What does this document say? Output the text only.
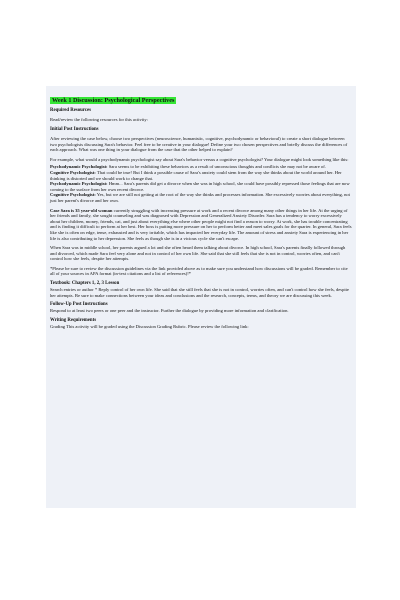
Week 1 Discussion: Psychological Perspectives
Required Resources

Read/review the following resources for this activity:

Initial Post Instructions

After reviewing the case below, choose two perspectives (neuroscience, humanistic, cognitive, psychodynamic or behavioral) to create a short dialogue between two psychologists discussing Sara's behavior. Feel free to be creative in your dialogue! Define your two chosen perspectives and briefly discuss the differences of each approach. What was one thing in your dialogue from the case that the other helped to explain?

For example, what would a psychodynamic psychologist say about Sara's behavior versus a cognitive psychologist? Your dialogue might look something like this:

Psychodynamic Psychologist: Sara seems to be exhibiting these behaviors as a result of unconscious thoughts and conflicts she may not be aware of.
Cognitive Psychologist: That could be true! But I think a possible cause of Sara's anxiety could stem from the way she thinks about the world around her. Her thinking is distorted and we should work to change that.
Psychodynamic Psychologist: Hmm... Sara's parents did get a divorce when she was in high school, she could have possibly repressed those feelings that are now coming to the surface from her own recent divorce.
Cognitive Psychologist: Yes, but we are still not getting at the root of the way she thinks and processes information. She excessively worries about everything, not just her parent's divorce and her own.

Case Sara is 35 year-old woman currently struggling with increasing pressure at work and a recent divorce among many other things in her life. At the urging of her friends and family, she sought counseling and was diagnosed with Depression and Generalized Anxiety Disorder. Sara has a tendency to worry excessively about her children, money, friends, cat, and just about everything else where other people might not find a reason to worry. At work, she has trouble concentrating and is finding it difficult to perform at her best. Her boss is putting more pressure on her to perform better and meet sales goals for the quarter. In general, Sara feels like she is often on edge, tense, exhausted and is very irritable, which has impacted her everyday life. The amount of stress and anxiety Sara is experiencing in her life is also contributing to her depression. She feels as though she is in a vicious cycle she can't escape.

When Sara was in middle school, her parents argued a lot and she often heard them talking about divorce. In high school, Sara's parents finally followed through and divorced, which made Sara feel very alone and not in control of her own life. She said that she still feels that she is not in control, worries often, and can't control how she feels, despite her attempts.

*Please be sure to review the discussion guidelines via the link provided above as to make sure you understand how discussions will be graded. Remember to cite all of your sources in APA format (in-text citations and a list of references)!*

Textbook: Chapters 1, 2, 3 Lesson

Search entries or author * Reply control of her own life. She said that she still feels that she is not in control, worries often, and can't control how she feels, despite her attempts. Be sure to make connections between your ideas and conclusions and the research, concepts, terms, and theory we are discussing this week.

Follow-Up Post Instructions

Respond to at least two peers or one peer and the instructor. Further the dialogue by providing more information and clarification.

Writing Requirements

Grading This activity will be graded using the Discussion Grading Rubric. Please review the following link:
